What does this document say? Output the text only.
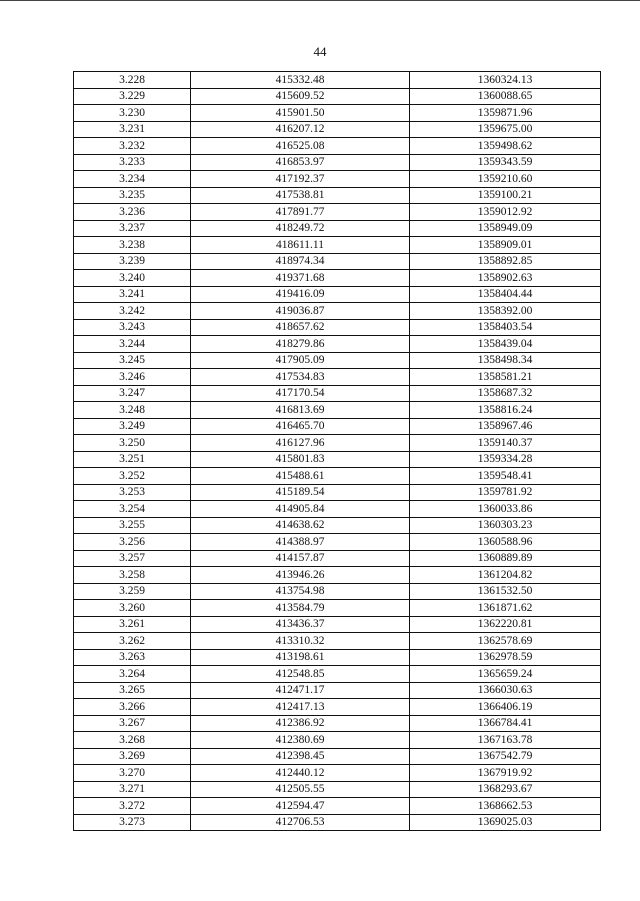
44
3.228	415332.48	1360324.13
3.229	415609.52	1360088.65
3.230	415901.50	1359871.96
3.231	416207.12	1359675.00
3.232	416525.08	1359498.62
3.233	416853.97	1359343.59
3.234	417192.37	1359210.60
3.235	417538.81	1359100.21
3.236	417891.77	1359012.92
3.237	418249.72	1358949.09
3.238	418611.11	1358909.01
3.239	418974.34	1358892.85
3.240	419371.68	1358902.63
3.241	419416.09	1358404.44
3.242	419036.87	1358392.00
3.243	418657.62	1358403.54
3.244	418279.86	1358439.04
3.245	417905.09	1358498.34
3.246	417534.83	1358581.21
3.247	417170.54	1358687.32
3.248	416813.69	1358816.24
3.249	416465.70	1358967.46
3.250	416127.96	1359140.37
3.251	415801.83	1359334.28
3.252	415488.61	1359548.41
3.253	415189.54	1359781.92
3.254	414905.84	1360033.86
3.255	414638.62	1360303.23
3.256	414388.97	1360588.96
3.257	414157.87	1360889.89
3.258	413946.26	1361204.82
3.259	413754.98	1361532.50
3.260	413584.79	1361871.62
3.261	413436.37	1362220.81
3.262	413310.32	1362578.69
3.263	413198.61	1362978.59
3.264	412548.85	1365659.24
3.265	412471.17	1366030.63
3.266	412417.13	1366406.19
3.267	412386.92	1366784.41
3.268	412380.69	1367163.78
3.269	412398.45	1367542.79
3.270	412440.12	1367919.92
3.271	412505.55	1368293.67
3.272	412594.47	1368662.53
3.273	412706.53	1369025.03
